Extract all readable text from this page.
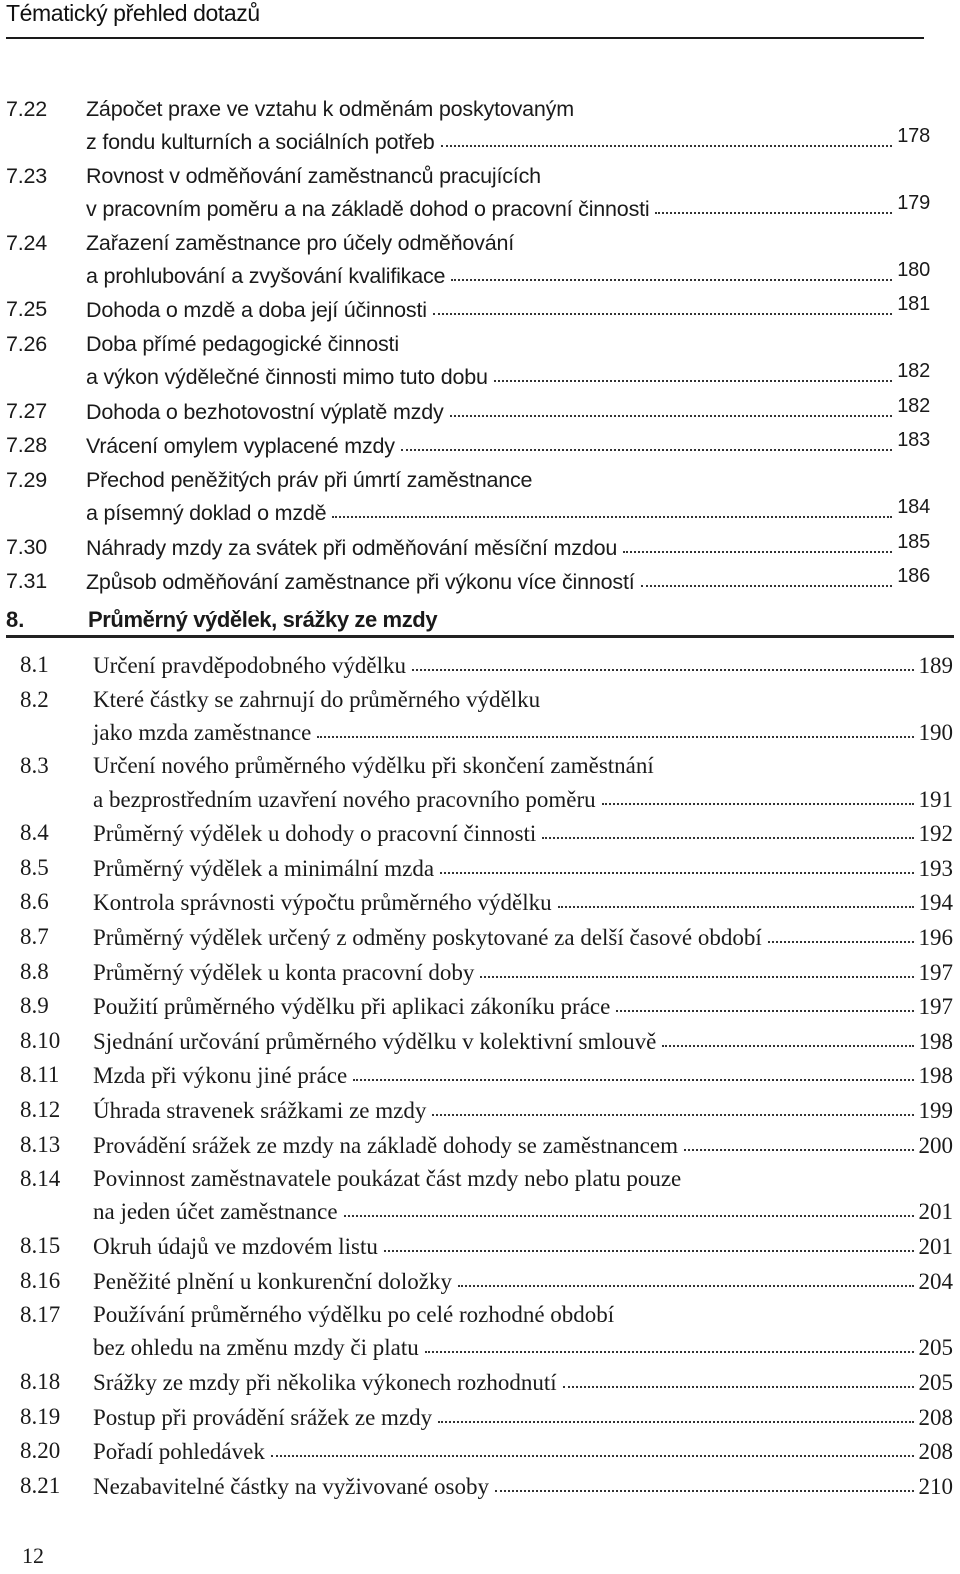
Tématický přehled dotazů
7.22 Zápočet praxe ve vztahu k odměnám poskytovaným
z fondu kulturních a sociálních potřeb	178
7.23 Rovnost v odměňování zaměstnanců pracujících
v pracovním poměru a na základě dohod o pracovní činnosti	179
7.24 Zařazení zaměstnance pro účely odměňování
a prohlubování a zvyšování kvalifikace	180
7.25 Dohoda o mzdě a doba její účinnosti	181
7.26 Doba přímé pedagogické činnosti
a výkon výdělečné činnosti mimo tuto dobu	182
7.27 Dohoda o bezhotovostní výplatě mzdy	182
7.28 Vrácení omylem vyplacené mzdy	183
7.29 Přechod peněžitých práv při úmrtí zaměstnance
a písemný doklad o mzdě	184
7.30 Náhrady mzdy za svátek při odměňování měsíční mzdou	185
7.31 Způsob odměňování zaměstnance při výkonu více činností	186
8.	Průměrný výdělek, srážky ze mzdy
8.1 Určení pravděpodobného výdělku	189
8.2 Které částky se zahrnují do průměrného výdělku
jako mzda zaměstnance	190
8.3 Určení nového průměrného výdělku při skončení zaměstnání
a bezprostředním uzavření nového pracovního poměru	191
8.4 Průměrný výdělek u dohody o pracovní činnosti	192
8.5 Průměrný výdělek a minimální mzda	193
8.6 Kontrola správnosti výpočtu průměrného výdělku	194
8.7 Průměrný výdělek určený z odměny poskytované za delší časové období	196
8.8 Průměrný výdělek u konta pracovní doby	197
8.9 Použití průměrného výdělku při aplikaci zákoníku práce	197
8.10 Sjednání určování průměrného výdělku v kolektivní smlouvě	198
8.11 Mzda při výkonu jiné práce	198
8.12 Úhrada stravenek srážkami ze mzdy	199
8.13 Provádění srážek ze mzdy na základě dohody se zaměstnancem	200
8.14 Povinnost zaměstnavatele poukázat část mzdy nebo platu pouze
na jeden účet zaměstnance	201
8.15 Okruh údajů ve mzdovém listu	201
8.16 Peněžité plnění u konkurenční doložky	204
8.17 Používání průměrného výdělku po celé rozhodné období
bez ohledu na změnu mzdy či platu	205
8.18 Srážky ze mzdy při několika výkonech rozhodnutí	205
8.19 Postup při provádění srážek ze mzdy	208
8.20 Pořadí pohledávek	208
8.21 Nezabavitelné částky na vyživované osoby	210
12
